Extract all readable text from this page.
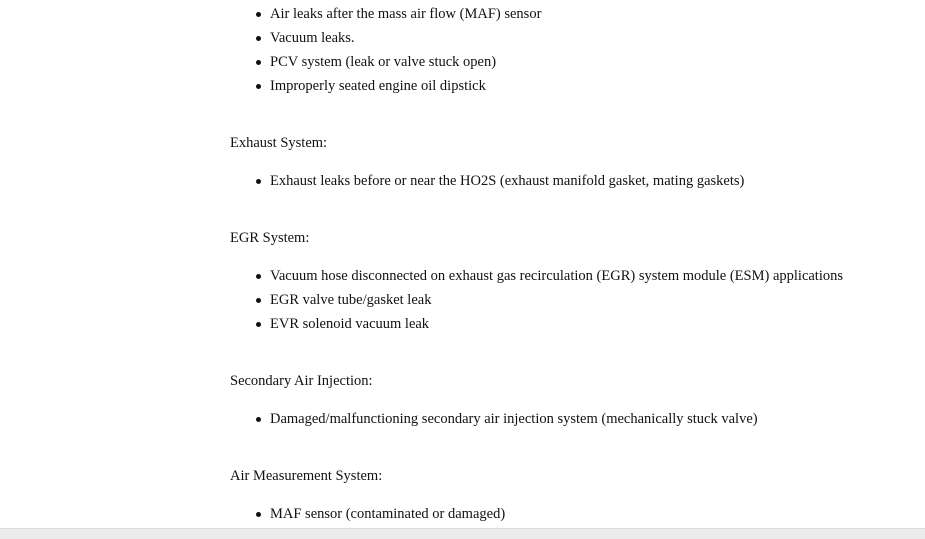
Air leaks after the mass air flow (MAF) sensor
Vacuum leaks.
PCV system (leak or valve stuck open)
Improperly seated engine oil dipstick

Exhaust System:

Exhaust leaks before or near the HO2S (exhaust manifold gasket, mating gaskets)

EGR System:

Vacuum hose disconnected on exhaust gas recirculation (EGR) system module (ESM) applications
EGR valve tube/gasket leak
EVR solenoid vacuum leak

Secondary Air Injection:

Damaged/malfunctioning secondary air injection system (mechanically stuck valve)

Air Measurement System:

MAF sensor (contaminated or damaged)
